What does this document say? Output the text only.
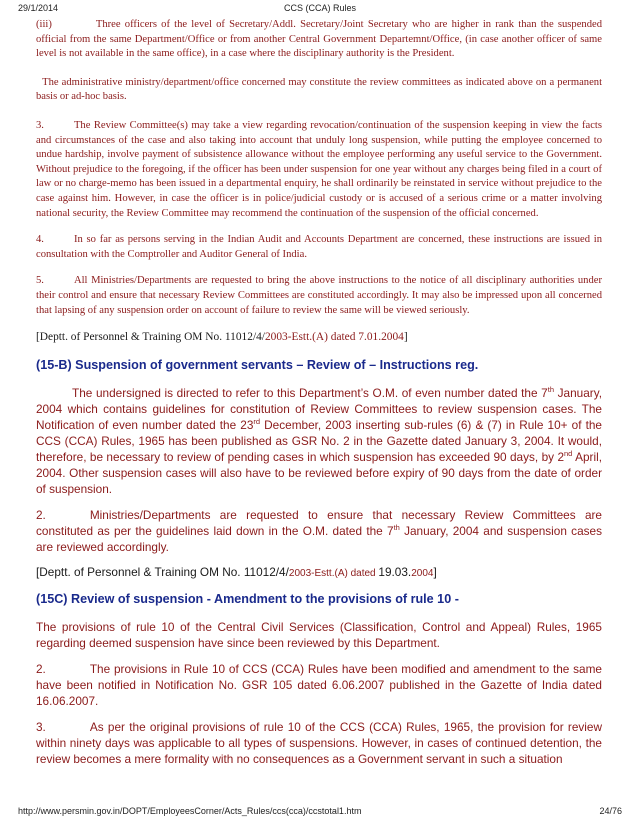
29/1/2014	CCS (CCA) Rules

(iii)	Three officers of the level of Secretary/Addl. Secretary/Joint Secretary who are higher in rank than the suspended official from the same Department/Office or from another Central Government Departemnt/Office, (in case another officer of same level is not available in the same office), in a case where the disciplinary authority is the President.

The administrative ministry/department/office concerned may constitute the review committees as indicated above on a permanent basis or ad-hoc basis.

3.	The Review Committee(s) may take a view regarding revocation/continuation of the suspension keeping in view the facts and circumstances of the case and also taking into account that unduly long suspension, while putting the employee concerned to undue hardship, involve payment of subsistence allowance without the employee performing any useful service to the Government. Without prejudice to the foregoing, if the officer has been under suspension for one year without any charges being filed in a court of law or no charge-memo has been issued in a departmental enquiry, he shall ordinarily be reinstated in service without prejudice to the case against him. However, in case the officer is in police/judicial custody or is accused of a serious crime or a matter involving national security, the Review Committee may recommend the continuation of the suspension of the official concerned.

4.	In so far as persons serving in the Indian Audit and Accounts Department are concerned, these instructions are issued in consultation with the Comptroller and Auditor General of India.

5.	All Ministries/Departments are requested to bring the above instructions to the notice of all disciplinary authorities under their control and ensure that necessary Review Committees are constituted accordingly. It may also be impressed upon all concerned that lapsing of any suspension order on account of failure to review the same will be viewed seriously.

[Deptt. of Personnel & Training OM No. 11012/4/2003-Estt.(A) dated 7.01.2004]

(15-B) Suspension of government servants – Review of – Instructions reg.

The undersigned is directed to refer to this Department’s O.M. of even number dated the 7th January, 2004 which contains guidelines for constitution of Review Committees to review suspension cases. The Notification of even number dated the 23rd December, 2003 inserting sub-rules (6) & (7) in Rule 10+ of the CCS (CCA) Rules, 1965 has been published as GSR No. 2 in the Gazette dated January 3, 2004. It would, therefore, be necessary to review of pending cases in which suspension has exceeded 90 days, by 2nd April, 2004. Other suspension cases will also have to be reviewed before expiry of 90 days from the date of order of suspension.

2.	Ministries/Departments are requested to ensure that necessary Review Committees are constituted as per the guidelines laid down in the O.M. dated the 7th January, 2004 and suspension cases are reviewed accordingly.

[Deptt. of Personnel & Training OM No. 11012/4/2003-Estt.(A) dated 19.03.2004]

(15C) Review of suspension - Amendment to the provisions of rule 10 -

The provisions of rule 10 of the Central Civil Services (Classification, Control and Appeal) Rules, 1965 regarding deemed suspension have since been reviewed by this Department.

2.	The provisions in Rule 10 of CCS (CCA) Rules have been modified and amendment to the same have been notified in Notification No. GSR 105 dated 6.06.2007 published in the Gazette of India dated 16.06.2007.

3.	As per the original provisions of rule 10 of the CCS (CCA) Rules, 1965, the provision for review within ninety days was applicable to all types of suspensions. However, in cases of continued detention, the review becomes a mere formality with no consequences as a Government servant in such a situation

http://www.persmin.gov.in/DOPT/EmployeesCorner/Acts_Rules/ccs(cca)/ccstotal1.htm	24/76
